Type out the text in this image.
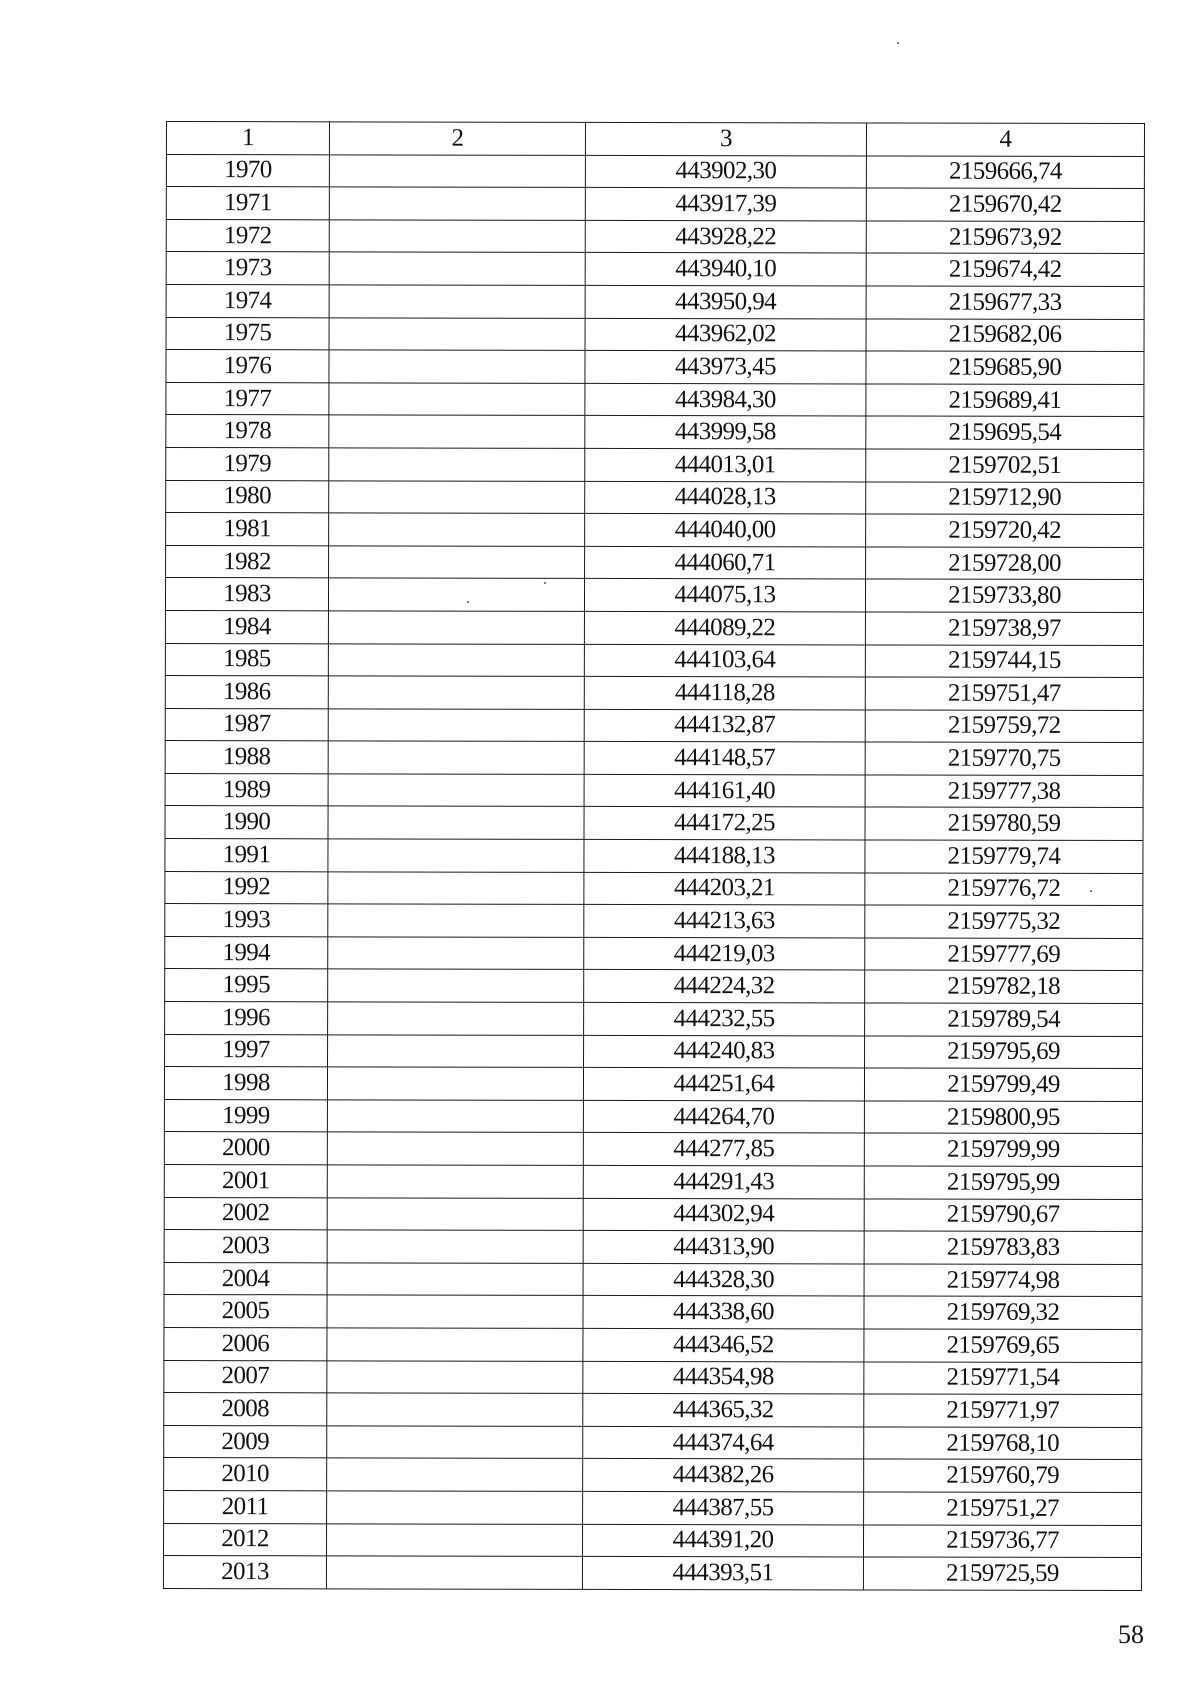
1	2	3	4
1970		443902,30	2159666,74
1971		443917,39	2159670,42
1972		443928,22	2159673,92
1973		443940,10	2159674,42
1974		443950,94	2159677,33
1975		443962,02	2159682,06
1976		443973,45	2159685,90
1977		443984,30	2159689,41
1978		443999,58	2159695,54
1979		444013,01	2159702,51
1980		444028,13	2159712,90
1981		444040,00	2159720,42
1982		444060,71	2159728,00
1983		444075,13	2159733,80
1984		444089,22	2159738,97
1985		444103,64	2159744,15
1986		444118,28	2159751,47
1987		444132,87	2159759,72
1988		444148,57	2159770,75
1989		444161,40	2159777,38
1990		444172,25	2159780,59
1991		444188,13	2159779,74
1992		444203,21	2159776,72
1993		444213,63	2159775,32
1994		444219,03	2159777,69
1995		444224,32	2159782,18
1996		444232,55	2159789,54
1997		444240,83	2159795,69
1998		444251,64	2159799,49
1999		444264,70	2159800,95
2000		444277,85	2159799,99
2001		444291,43	2159795,99
2002		444302,94	2159790,67
2003		444313,90	2159783,83
2004		444328,30	2159774,98
2005		444338,60	2159769,32
2006		444346,52	2159769,65
2007		444354,98	2159771,54
2008		444365,32	2159771,97
2009		444374,64	2159768,10
2010		444382,26	2159760,79
2011		444387,55	2159751,27
2012		444391,20	2159736,77
2013		444393,51	2159725,59
58
